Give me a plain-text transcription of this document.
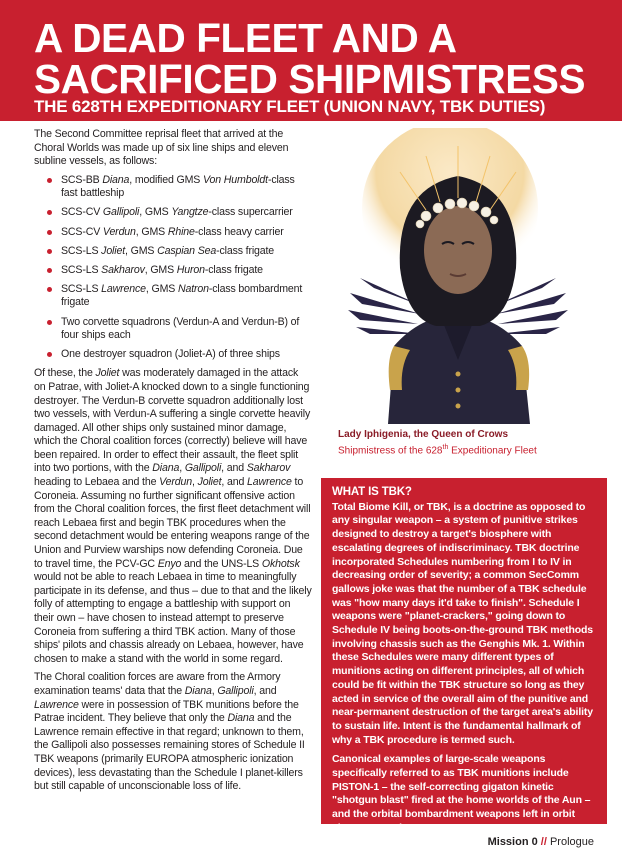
A DEAD FLEET AND A
SACRIFICED SHIPMISTRESS
THE 628TH EXPEDITIONARY FLEET (UNION NAVY, TBK DUTIES)

The Second Committee reprisal fleet that arrived at the Choral Worlds was made up of six line ships and eleven subline vessels, as follows:

SCS-BB Diana, modified GMS Von Humboldt-class fast battleship
SCS-CV Gallipoli, GMS Yangtze-class supercarrier
SCS-CV Verdun, GMS Rhine-class heavy carrier
SCS-LS Joliet, GMS Caspian Sea-class frigate
SCS-LS Sakharov, GMS Huron-class frigate
SCS-LS Lawrence, GMS Natron-class bombardment frigate
Two corvette squadrons (Verdun-A and Verdun-B) of four ships each
One destroyer squadron (Joliet-A) of three ships

Of these, the Joliet was moderately damaged in the attack on Patrae, with Joliet-A knocked down to a single functioning destroyer. The Verdun-B corvette squadron additionally lost two vessels, with Verdun-A suffering a single corvette heavily damaged. All other ships only sustained minor damage, which the Choral coalition forces (correctly) believe will have been repaired. In order to effect their assault, the fleet split into two portions, with the Diana, Gallipoli, and Sakharov heading to Lebaea and the Verdun, Joliet, and Lawrence to Coroneia. Assuming no further significant offensive action from the Choral coalition forces, the first fleet detachment will reach Lebaea first and begin TBK procedures when the second detachment would be entering weapons range of the Union and Purview warships now defending Coroneia. Due to travel time, the PCV-GC Enyo and the UNS-LS Okhotsk would not be able to reach Lebaea in time to meaningfully participate in its defense, and thus – due to that and the likely folly of attempting to engage a battleship with support on their own – have chosen to instead attempt to preserve Coroneia from suffering a third TBK action. Many of those ships' pilots and chassis already on Lebaea, however, have chosen to make a stand with the world in some regard.

The Choral coalition forces are aware from the Armory examination teams' data that the Diana, Gallipoli, and Lawrence were in possession of TBK munitions before the Patrae incident. They believe that only the Diana and the Lawrence remain effective in that regard; unknown to them, the Gallipoli also possesses remaining stores of Schedule II TBK weapons (primarily EUROPA atmospheric ionization devices), less devastating than the Schedule I planet-killers but still capable of unconscionable loss of life.

Lady Iphigenia, the Queen of Crows
Shipmistress of the 628th Expeditionary Fleet
WHAT IS TBK?

Total Biome Kill, or TBK, is a doctrine as opposed to any singular weapon – a system of punitive strikes designed to destroy a target's biosphere with escalating degrees of indiscriminacy. TBK doctrine incorporated Schedules numbering from I to IV in decreasing order of severity; a common SecComm gallows joke was that the number of a TBK schedule was "how many days it'd take to finish". Schedule I weapons were "planet-crackers," going down to Schedule IV being boots-on-the-ground TBK methods involving chassis such as the Genghis Mk. 1. Within these Schedules were many different types of munitions acting on different principles, all of which could be fit within the TBK structure so long as they acted in service of the overall aim of the punitive and near-permanent destruction of the target area's ability to sustain life. Intent is the fundamental hallmark of why a TBK procedure is termed such.

Canonical examples of large-scale weapons specifically referred to as TBK munitions include PISTON-1 – the self-correcting gigaton kinetic "shotgun blast" fired at the home worlds of the Aun – and the orbital bombardment weapons left in orbit above Hercynia.

Mission 0 // Prologue
